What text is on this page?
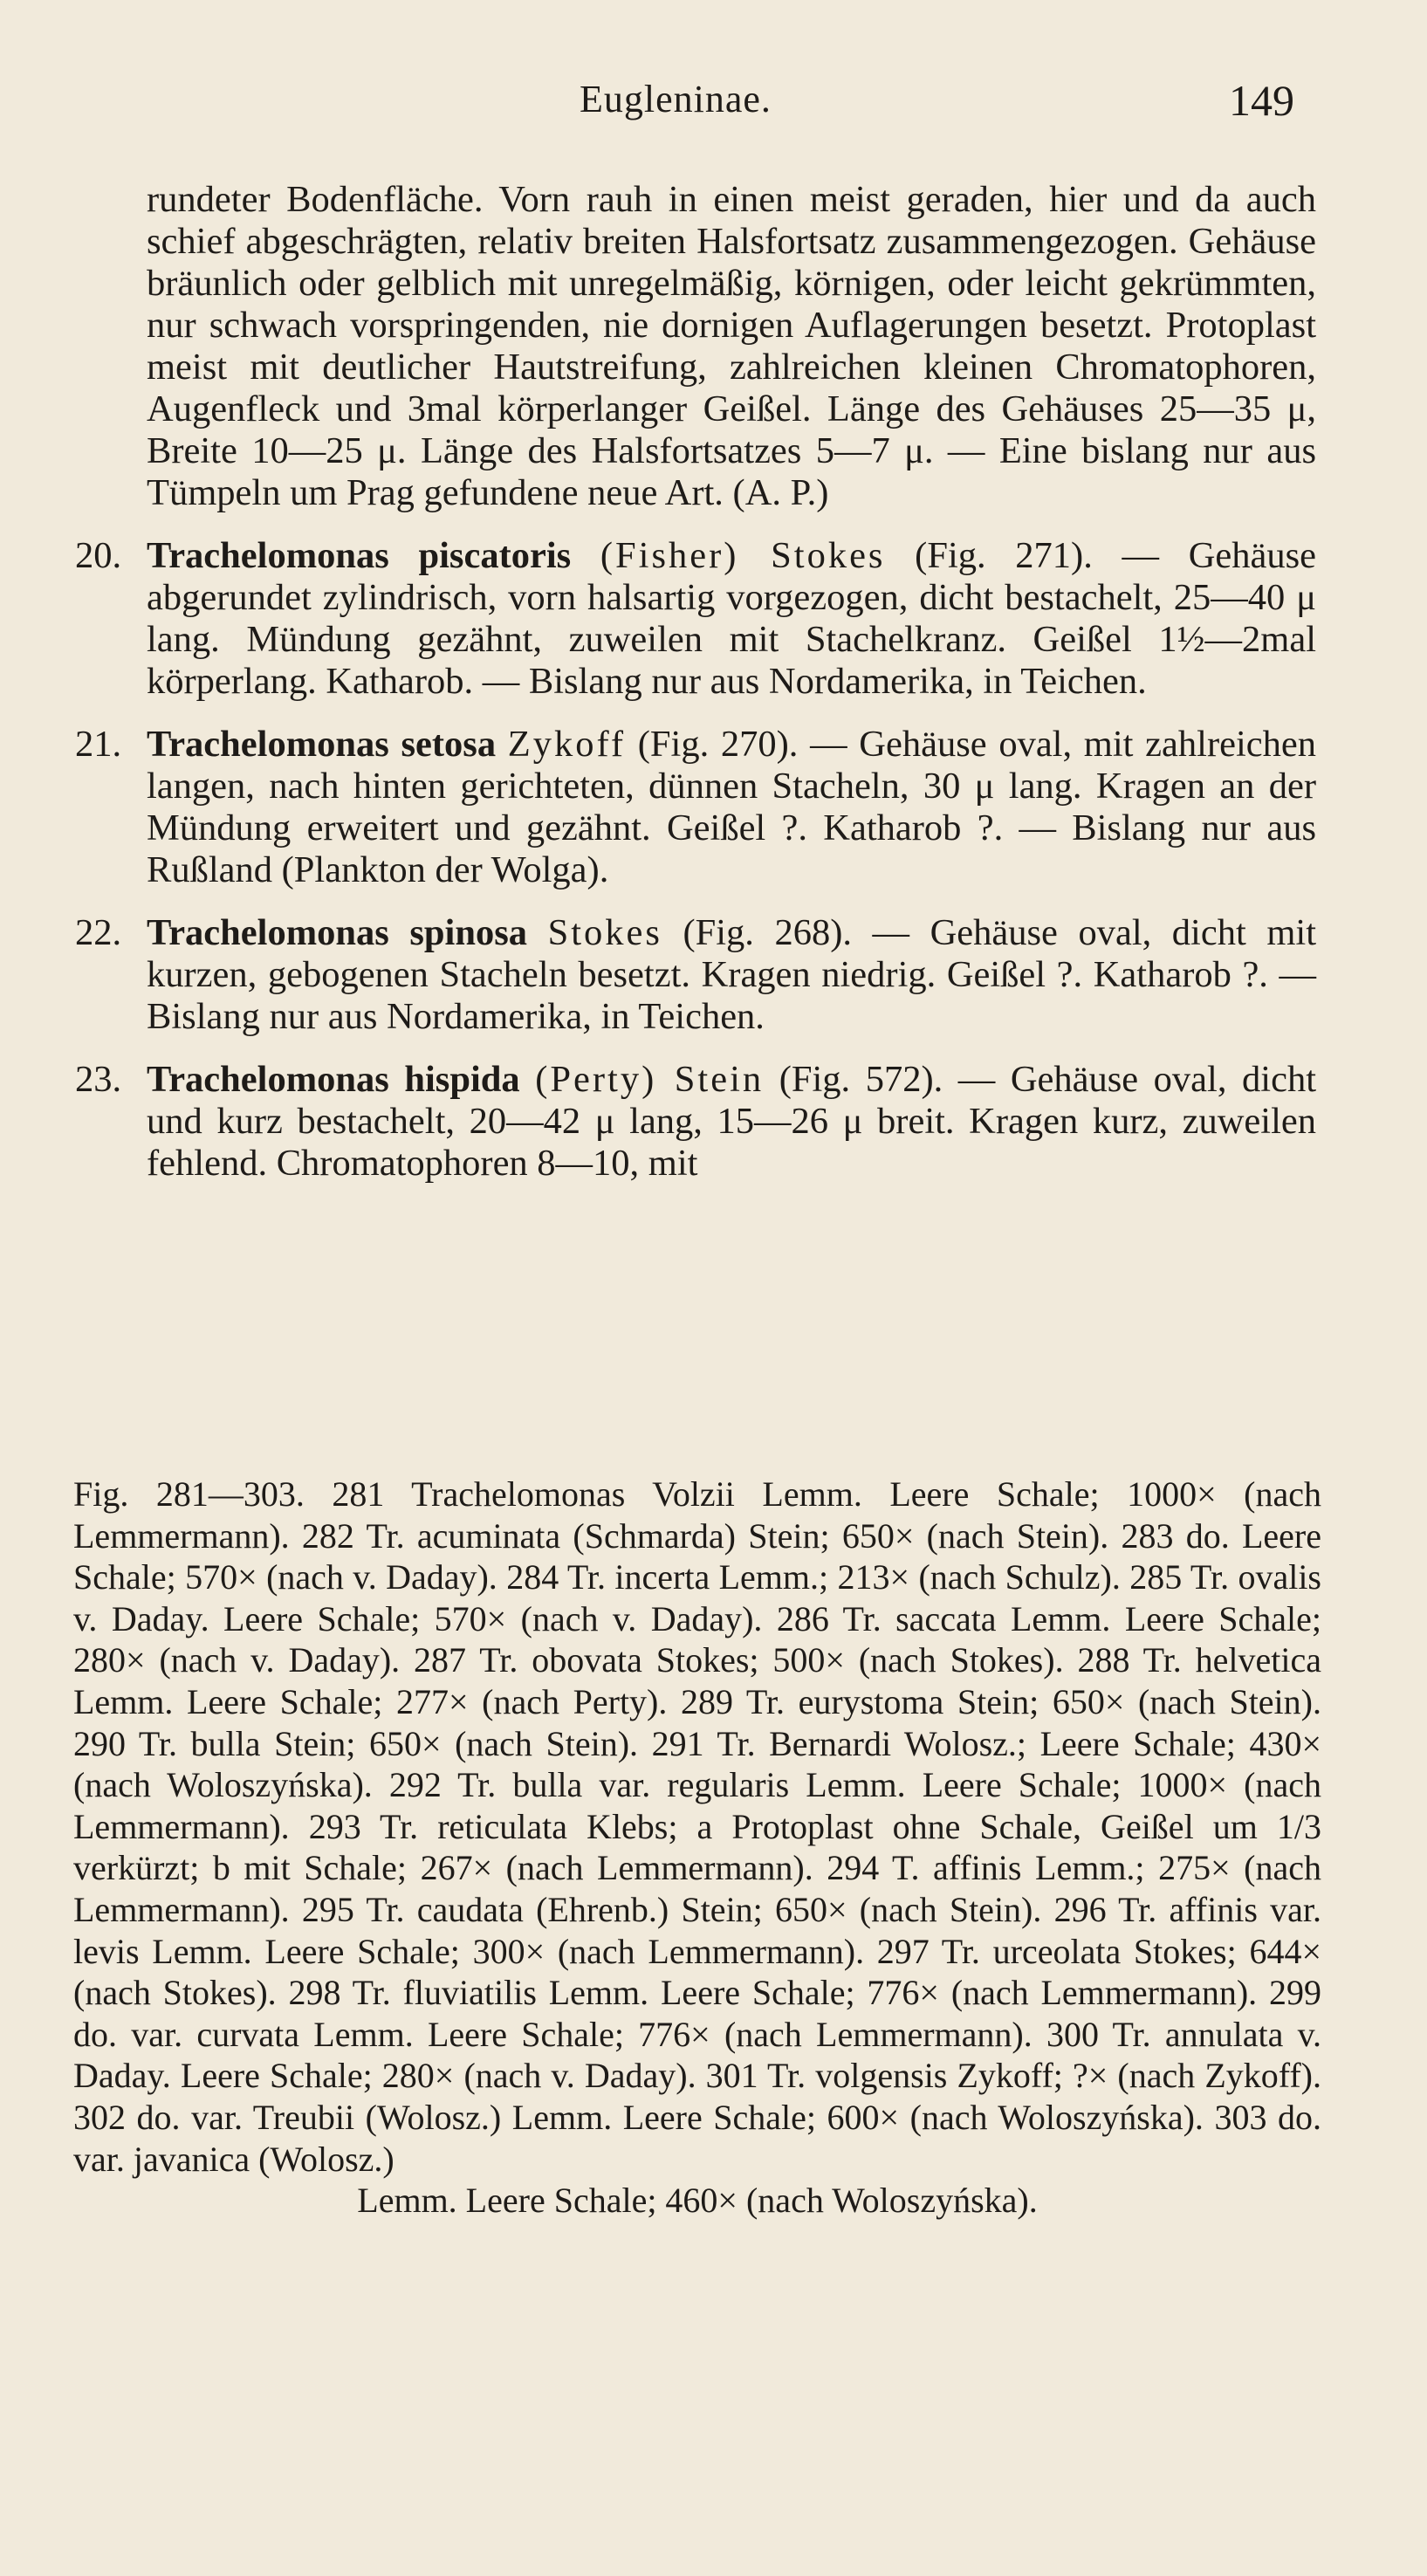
Eugleninae.	149

rundeter Bodenfläche. Vorn rauh in einen meist geraden, hier und da auch schief abgeschrägten, relativ breiten Halsfortsatz zusammengezogen. Gehäuse bräunlich oder gelblich mit unregelmäßig, körnigen, oder leicht gekrümmten, nur schwach vorspringenden, nie dornigen Auflagerungen besetzt. Protoplast meist mit deutlicher Hautstreifung, zahlreichen kleinen Chromatophoren, Augenfleck und 3mal körperlanger Geißel. Länge des Gehäuses 25—35 μ, Breite 10—25 μ. Länge des Halsfortsatzes 5—7 μ. — Eine bislang nur aus Tümpeln um Prag gefundene neue Art. (A. P.)

20. Trachelomonas piscatoris (Fisher) Stokes (Fig. 271). — Gehäuse abgerundet zylindrisch, vorn halsartig vorgezogen, dicht bestachelt, 25—40 μ lang. Mündung gezähnt, zuweilen mit Stachelkranz. Geißel 1½—2mal körperlang. Katharob. — Bislang nur aus Nordamerika, in Teichen.

21. Trachelomonas setosa Zykoff (Fig. 270). — Gehäuse oval, mit zahlreichen langen, nach hinten gerichteten, dünnen Stacheln, 30 μ lang. Kragen an der Mündung erweitert und gezähnt. Geißel ?. Katharob ?. — Bislang nur aus Rußland (Plankton der Wolga).

22. Trachelomonas spinosa Stokes (Fig. 268). — Gehäuse oval, dicht mit kurzen, gebogenen Stacheln besetzt. Kragen niedrig. Geißel ?. Katharob ?. — Bislang nur aus Nordamerika, in Teichen.

23. Trachelomonas hispida (Perty) Stein (Fig. 572). — Gehäuse oval, dicht und kurz bestachelt, 20—42 μ lang, 15—26 μ breit. Kragen kurz, zuweilen fehlend. Chromatophoren 8—10, mit

Fig. 281—303. 281 Trachelomonas Volzii Lemm. Leere Schale; 1000× (nach Lemmermann). 282 Tr. acuminata (Schmarda) Stein; 650× (nach Stein). 283 do. Leere Schale; 570× (nach v. Daday). 284 Tr. incerta Lemm.; 213× (nach Schulz). 285 Tr. ovalis v. Daday. Leere Schale; 570× (nach v. Daday). 286 Tr. saccata Lemm. Leere Schale; 280× (nach v. Daday). 287 Tr. obovata Stokes; 500× (nach Stokes). 288 Tr. helvetica Lemm. Leere Schale; 277× (nach Perty). 289 Tr. eurystoma Stein; 650× (nach Stein). 290 Tr. bulla Stein; 650× (nach Stein). 291 Tr. Bernardi Wolosz.; Leere Schale; 430× (nach Woloszyńska). 292 Tr. bulla var. regularis Lemm. Leere Schale; 1000× (nach Lemmermann). 293 Tr. reticulata Klebs; a Protoplast ohne Schale, Geißel um 1/3 verkürzt; b mit Schale; 267× (nach Lemmermann). 294 T. affinis Lemm.; 275× (nach Lemmermann). 295 Tr. caudata (Ehrenb.) Stein; 650× (nach Stein). 296 Tr. affinis var. levis Lemm. Leere Schale; 300× (nach Lemmermann). 297 Tr. urceolata Stokes; 644× (nach Stokes). 298 Tr. fluviatilis Lemm. Leere Schale; 776× (nach Lemmermann). 299 do. var. curvata Lemm. Leere Schale; 776× (nach Lemmermann). 300 Tr. annulata v. Daday. Leere Schale; 280× (nach v. Daday). 301 Tr. volgensis Zykoff; ?× (nach Zykoff). 302 do. var. Treubii (Wolosz.) Lemm. Leere Schale; 600× (nach Woloszyńska). 303 do. var. javanica (Wolosz.)

Lemm. Leere Schale; 460× (nach Woloszyńska).
